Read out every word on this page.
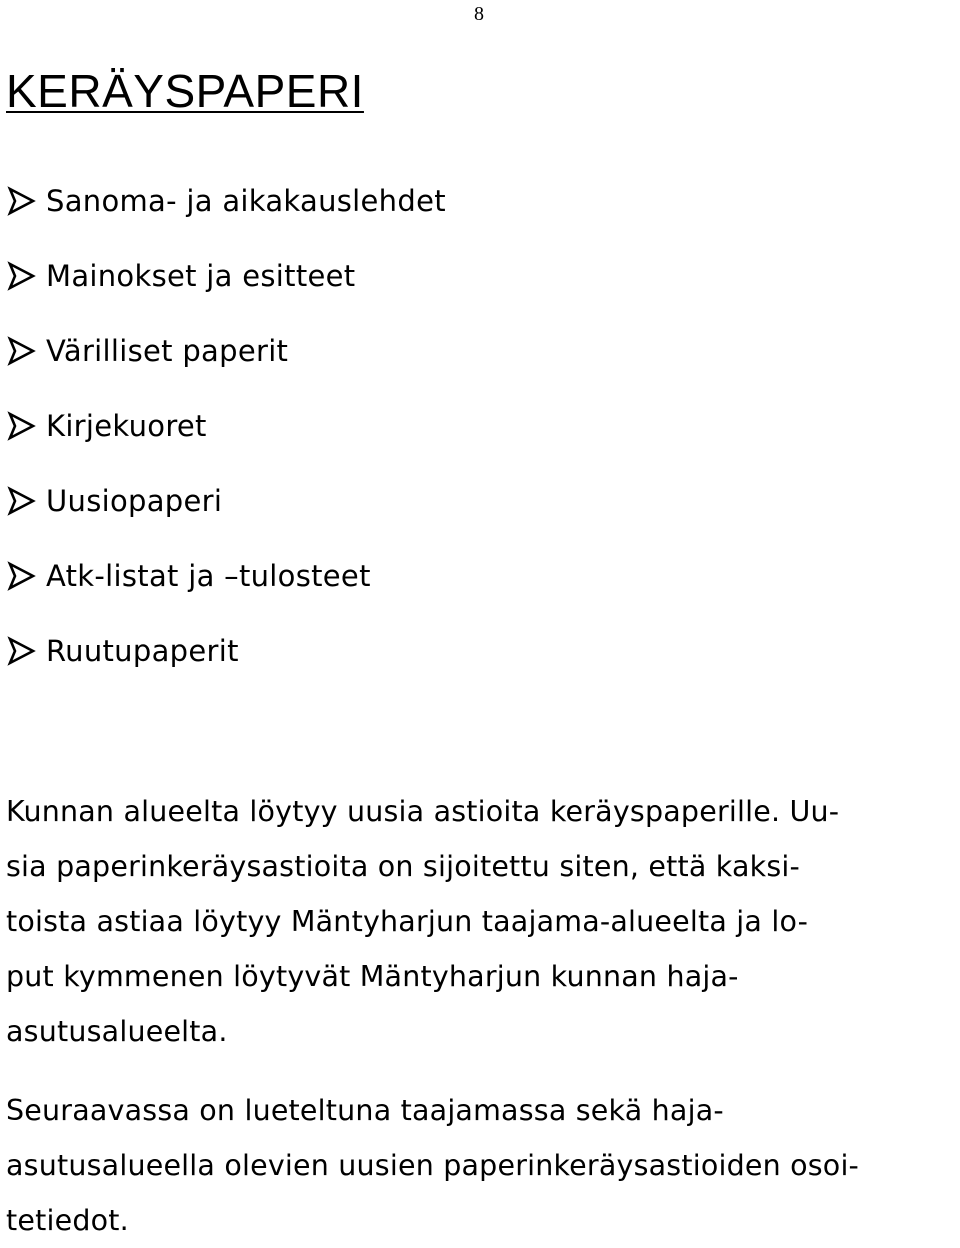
8
KERÄYSPAPERI
Sanoma- ja aikakauslehdet
Mainokset ja esitteet
Värilliset paperit
Kirjekuoret
Uusiopaperi
Atk-listat ja –tulosteet
Ruutupaperit

Kunnan alueelta löytyy uusia astioita keräyspaperille. Uu-
sia paperinkeräysastioita on sijoitettu siten, että kaksi-
toista astiaa löytyy Mäntyharjun taajama-alueelta ja lo-
put kymmenen löytyvät Mäntyharjun kunnan haja-
asutusalueelta.

Seuraavassa on lueteltuna taajamassa sekä haja-
asutusalueella olevien uusien paperinkeräysastioiden osoi-
tetiedot.
